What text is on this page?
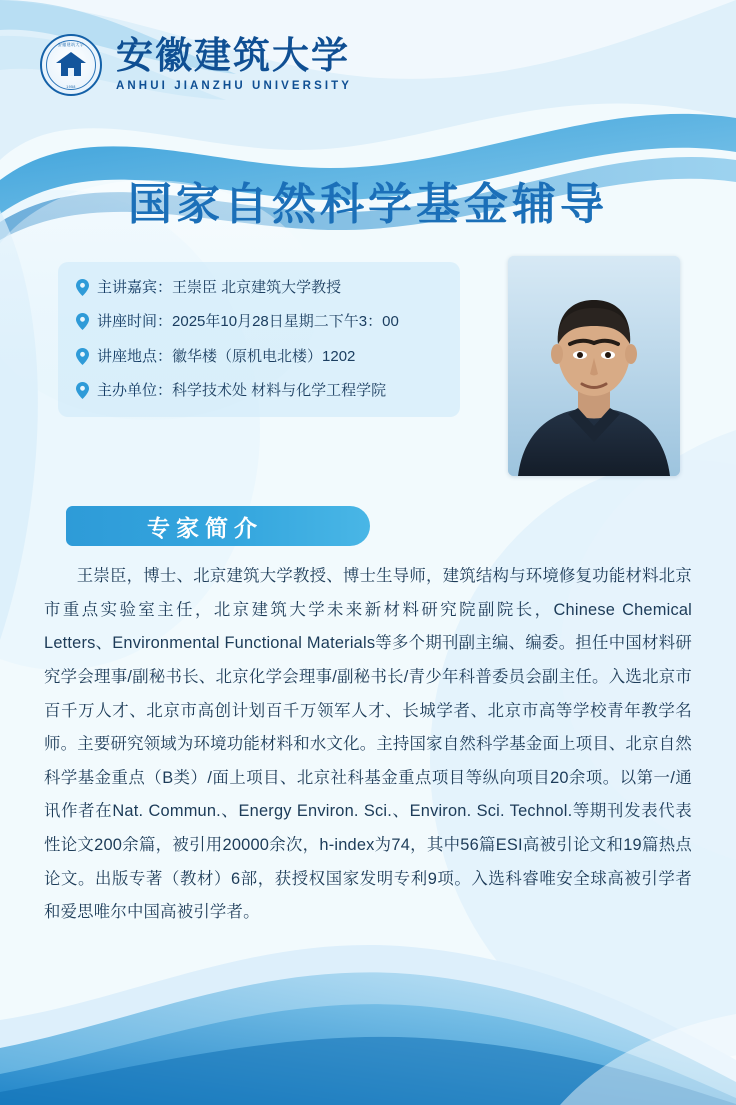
安徽建筑大学
1958
安徽建筑大学
ANHUI JIANZHU UNIVERSITY
国家自然科学基金辅导
主讲嘉宾： 王崇臣 北京建筑大学教授
讲座时间： 2025年10月28日星期二下午3：00
讲座地点： 徽华楼（原机电北楼）1202
主办单位： 科学技术处 材料与化学工程学院
专家简介
王崇臣，博士、北京建筑大学教授、博士生导师，建筑结构与环境修复功能材料北京市重点实验室主任，北京建筑大学未来新材料研究院副院长，Chinese Chemical Letters、Environmental Functional Materials等多个期刊副主编、编委。担任中国材料研究学会理事/副秘书长、北京化学会理事/副秘书长/青少年科普委员会副主任。入选北京市百千万人才、北京市高创计划百千万领军人才、长城学者、北京市高等学校青年教学名师。主要研究领域为环境功能材料和水文化。主持国家自然科学基金面上项目、北京自然科学基金重点（B类）/面上项目、北京社科基金重点项目等纵向项目20余项。以第一/通讯作者在Nat. Commun.、Energy Environ. Sci.、Environ. Sci. Technol.等期刊发表代表性论文200余篇，被引用20000余次，h-index为74，其中56篇ESI高被引论文和19篇热点论文。出版专著（教材）6部，获授权国家发明专利9项。入选科睿唯安全球高被引学者和爱思唯尔中国高被引学者。
